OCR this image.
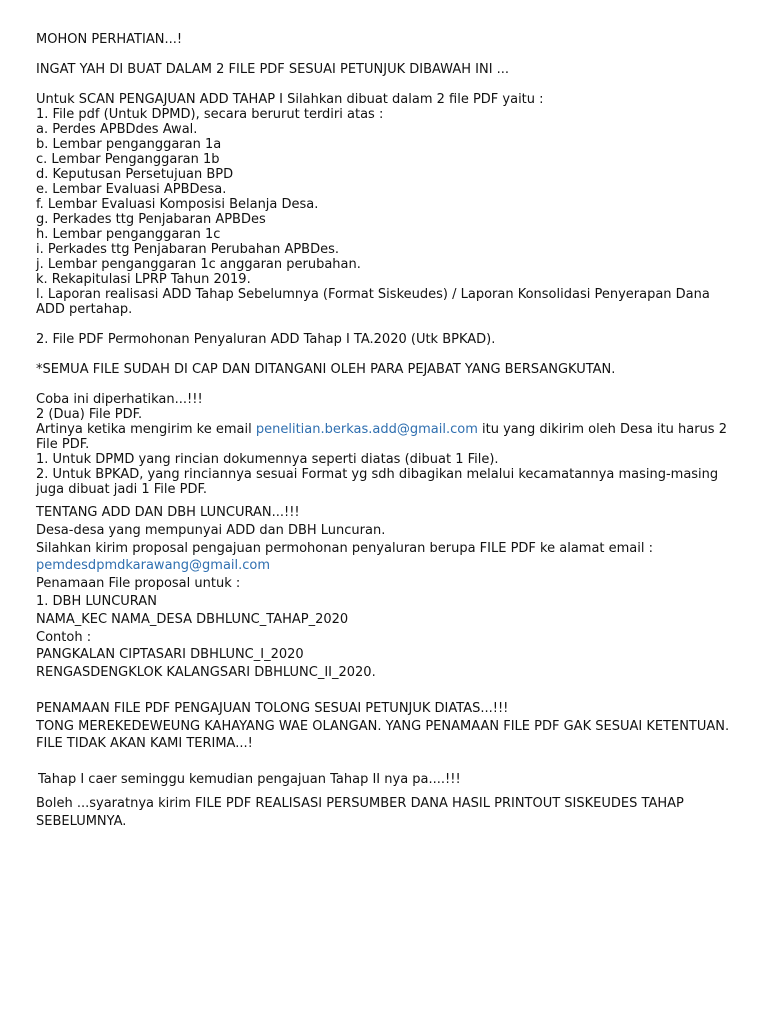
MOHON PERHATIAN...!
INGAT YAH DI BUAT DALAM 2 FILE PDF SESUAI PETUNJUK DIBAWAH INI ...
Untuk SCAN PENGAJUAN ADD TAHAP I Silahkan dibuat dalam 2 file PDF yaitu :
1. File pdf (Untuk DPMD), secara berurut terdiri atas :
a. Perdes APBDdes Awal.
b. Lembar penganggaran 1a
c. Lembar Penganggaran 1b
d. Keputusan Persetujuan BPD
e. Lembar Evaluasi APBDesa.
f. Lembar Evaluasi Komposisi Belanja Desa.
g. Perkades ttg Penjabaran APBDes
h. Lembar penganggaran 1c
i. Perkades ttg Penjabaran Perubahan APBDes.
j. Lembar penganggaran 1c anggaran perubahan.
k. Rekapitulasi LPRP Tahun 2019.
l. Laporan realisasi ADD Tahap Sebelumnya (Format Siskeudes) / Laporan Konsolidasi Penyerapan Dana
ADD pertahap.
2. File PDF Permohonan Penyaluran ADD Tahap I TA.2020 (Utk BPKAD).
*SEMUA FILE SUDAH DI CAP DAN DITANGANI OLEH PARA PEJABAT YANG BERSANGKUTAN.
Coba ini diperhatikan...!!!
2 (Dua) File PDF.
Artinya ketika mengirim ke email penelitian.berkas.add@gmail.com itu yang dikirim oleh Desa itu harus 2
File PDF.
1. Untuk DPMD yang rincian dokumennya seperti diatas (dibuat 1 File).
2. Untuk BPKAD, yang rinciannya sesuai Format yg sdh dibagikan melalui kecamatannya masing-masing
juga dibuat jadi 1 File PDF.
TENTANG ADD DAN DBH LUNCURAN...!!!
Desa-desa yang mempunyai ADD dan DBH Luncuran.
Silahkan kirim proposal pengajuan permohonan penyaluran berupa FILE PDF ke alamat email :
pemdesdpmdkarawang@gmail.com
Penamaan File proposal untuk :
1. DBH LUNCURAN
NAMA_KEC NAMA_DESA DBHLUNC_TAHAP_2020
Contoh :
PANGKALAN CIPTASARI DBHLUNC_I_2020
RENGASDENGKLOK KALANGSARI DBHLUNC_II_2020.
PENAMAAN FILE PDF PENGAJUAN TOLONG SESUAI PETUNJUK DIATAS...!!!
TONG MEREKEDEWEUNG KAHAYANG WAE OLANGAN. YANG PENAMAAN FILE PDF GAK SESUAI KETENTUAN.
FILE TIDAK AKAN KAMI TERIMA...!
Tahap I caer seminggu kemudian pengajuan Tahap II nya pa....!!!
Boleh ...syaratnya kirim FILE PDF REALISASI PERSUMBER DANA HASIL PRINTOUT SISKEUDES TAHAP
SEBELUMNYA.
